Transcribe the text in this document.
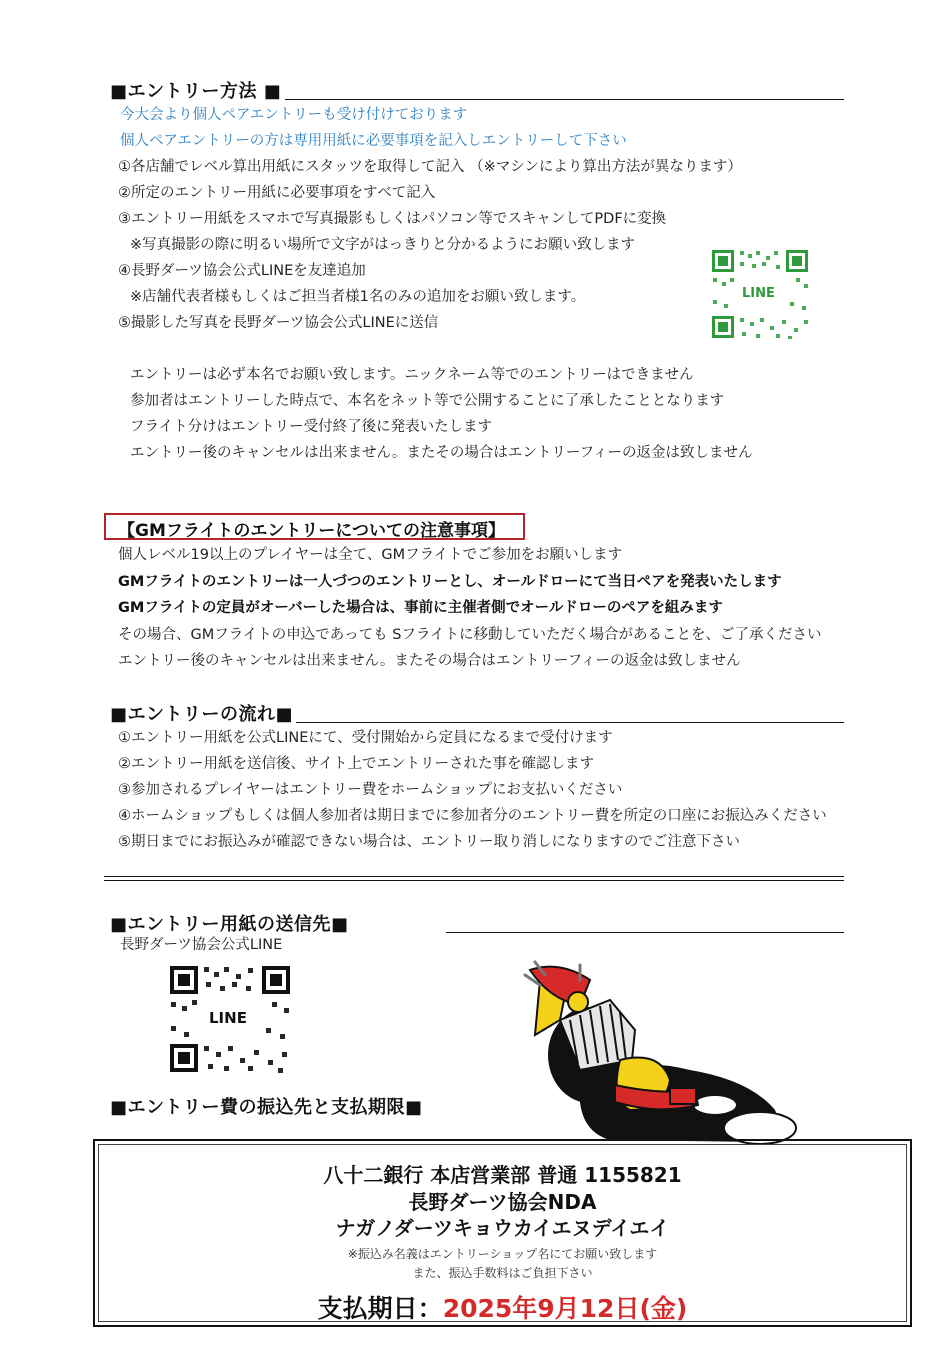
■エントリー方法 ■
今大会より個人ペアエントリーも受け付けております
個人ペアエントリーの方は専用用紙に必要事項を記入しエントリーして下さい
①各店舗でレベル算出用紙にスタッツを取得して記入 （※マシンにより算出方法が異なります）
②所定のエントリー用紙に必要事項をすべて記入
③エントリー用紙をスマホで写真撮影もしくはパソコン等でスキャンしてPDFに変換
※写真撮影の際に明るい場所で文字がはっきりと分かるようにお願い致します
④長野ダーツ協会公式LINEを友達追加
※店舗代表者様もしくはご担当者様1名のみの追加をお願い致します。
⑤撮影した写真を長野ダーツ協会公式LINEに送信
LINE
エントリーは必ず本名でお願い致します。ニックネーム等でのエントリーはできません
参加者はエントリーした時点で、本名をネット等で公開することに了承したこととなります
フライト分けはエントリー受付終了後に発表いたします
エントリー後のキャンセルは出来ません。またその場合はエントリーフィーの返金は致しません
【GMフライトのエントリーについての注意事項】
個人レベル19以上のプレイヤーは全て、GMフライトでご参加をお願いします
GMフライトのエントリーは一人づつのエントリーとし、オールドローにて当日ペアを発表いたします
GMフライトの定員がオーバーした場合は、事前に主催者側でオールドローのペアを組みます
その場合、GMフライトの申込であっても Sフライトに移動していただく場合があることを、ご了承ください
エントリー後のキャンセルは出来ません。またその場合はエントリーフィーの返金は致しません
■エントリーの流れ■
①エントリー用紙を公式LINEにて、受付開始から定員になるまで受付けます
②エントリー用紙を送信後、サイト上でエントリーされた事を確認します
③参加されるプレイヤーはエントリー費をホームショップにお支払いください
④ホームショップもしくは個人参加者は期日までに参加者分のエントリー費を所定の口座にお振込みください
⑤期日までにお振込みが確認できない場合は、エントリー取り消しになりますのでご注意下さい
■エントリー用紙の送信先■
長野ダーツ協会公式LINE
LINE
■エントリー費の振込先と支払期限■
八十二銀行 本店営業部 普通 1155821
長野ダーツ協会NDA
ナガノダーツキョウカイエヌデイエイ
※振込み名義はエントリーショップ名にてお願い致します
また、振込手数料はご負担下さい
支払期日：2025年9月12日(金)
